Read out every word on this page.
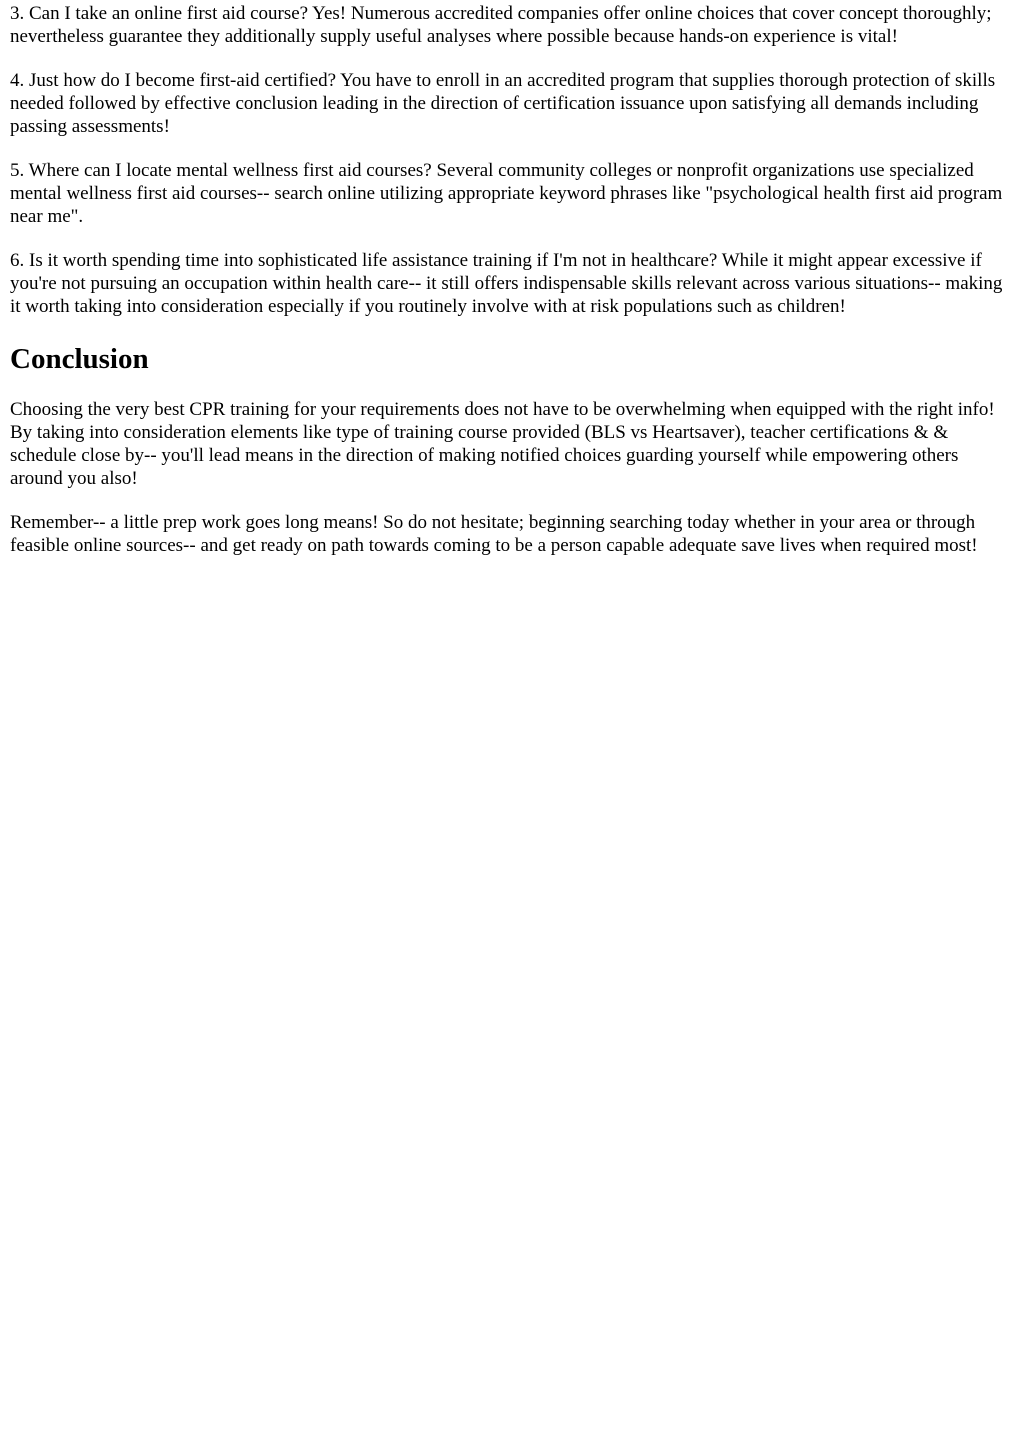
3. Can I take an online first aid course? Yes! Numerous accredited companies offer online choices that cover concept thoroughly; nevertheless guarantee they additionally supply useful analyses where possible because hands-on experience is vital!

4. Just how do I become first-aid certified? You have to enroll in an accredited program that supplies thorough protection of skills needed followed by effective conclusion leading in the direction of certification issuance upon satisfying all demands including passing assessments!

5. Where can I locate mental wellness first aid courses? Several community colleges or nonprofit organizations use specialized mental wellness first aid courses-- search online utilizing appropriate keyword phrases like "psychological health first aid program near me".

6. Is it worth spending time into sophisticated life assistance training if I'm not in healthcare? While it might appear excessive if you're not pursuing an occupation within health care-- it still offers indispensable skills relevant across various situations-- making it worth taking into consideration especially if you routinely involve with at risk populations such as children!

Conclusion

Choosing the very best CPR training for your requirements does not have to be overwhelming when equipped with the right info! By taking into consideration elements like type of training course provided (BLS vs Heartsaver), teacher certifications & & schedule close by-- you'll lead means in the direction of making notified choices guarding yourself while empowering others around you also!

Remember-- a little prep work goes long means! So do not hesitate; beginning searching today whether in your area or through feasible online sources-- and get ready on path towards coming to be a person capable adequate save lives when required most!
